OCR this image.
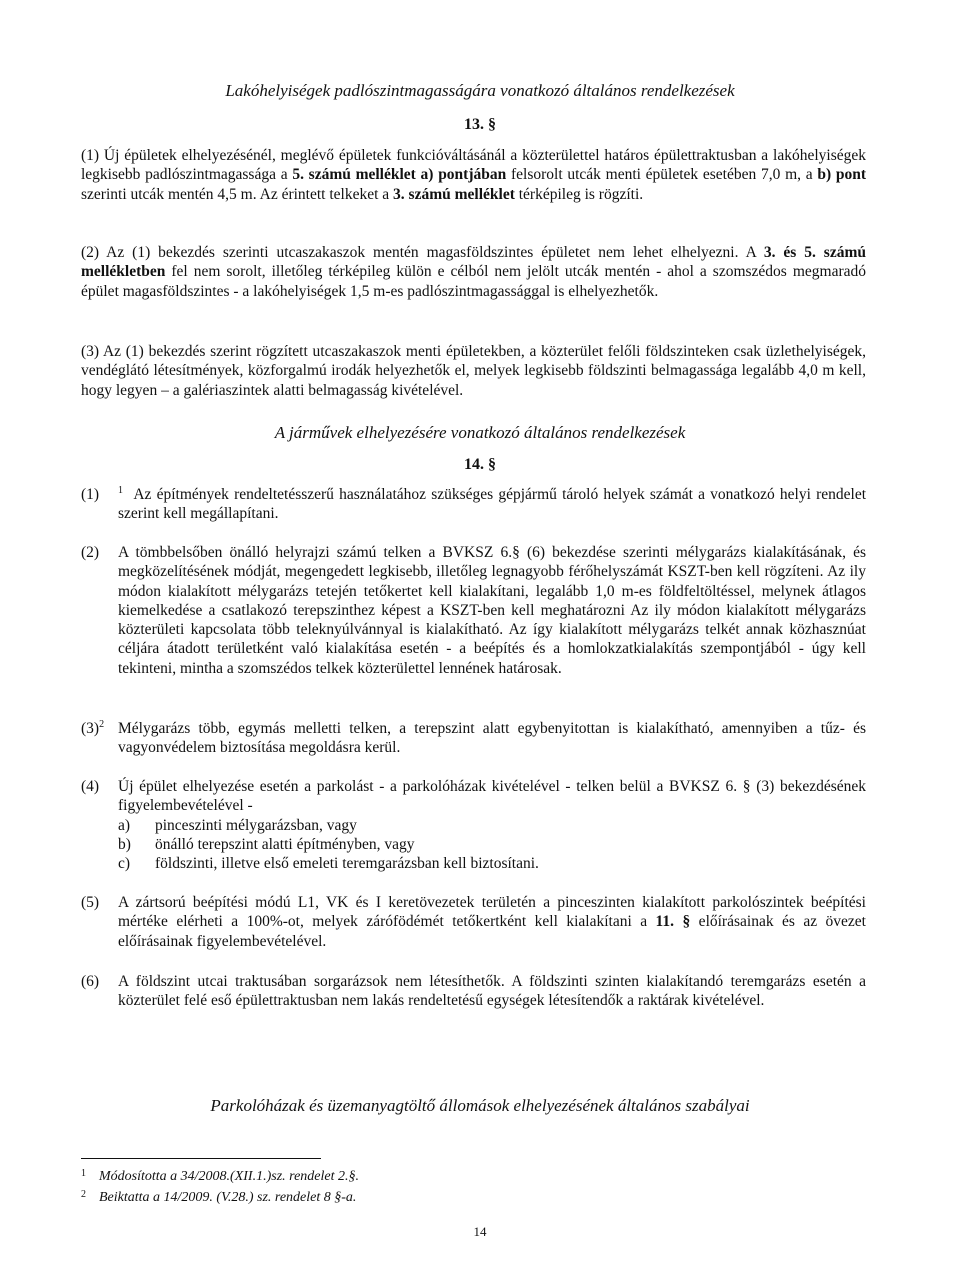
Lakóhelyiségek padlószintmagasságára vonatkozó általános rendelkezések
13. §
(1) Új épületek elhelyezésénél, meglévő épületek funkcióváltásánál a közterülettel határos épülettraktusban a lakóhelyiségek legkisebb padlószintmagassága a 5. számú melléklet a) pontjában felsorolt utcák menti épületek esetében 7,0 m, a b) pont szerinti utcák mentén 4,5 m. Az érintett telkeket a 3. számú melléklet térképileg is rögzíti.
(2) Az (1) bekezdés szerinti utcaszakaszok mentén magasföldszintes épületet nem lehet elhelyezni. A 3. és 5. számú mellékletben fel nem sorolt, illetőleg térképileg külön e célból nem jelölt utcák mentén - ahol a szomszédos megmaradó épület magasföldszintes - a lakóhelyiségek 1,5 m-es padlószintmagassággal is elhelyezhetők.
(3) Az (1) bekezdés szerint rögzített utcaszakaszok menti épületekben, a közterület felőli földszinteken csak üzlethelyiségek, vendéglátó létesítmények, közforgalmú irodák helyezhetők el, melyek legkisebb földszinti belmagassága legalább 4,0 m kell, hogy legyen – a galériaszintek alatti belmagasság kivételével.
A járművek elhelyezésére vonatkozó általános rendelkezések
14. §
(1) $^1$ Az építmények rendeltetésszerű használatához szükséges gépjármű tároló helyek számát a vonatkozó helyi rendelet szerint kell megállapítani.
(2) A tömbbelsőben önálló helyrajzi számú telken a BVKSZ 6.§ (6) bekezdése szerinti mélygarázs kialakításának, és megközelítésének módját, megengedett legkisebb, illetőleg legnagyobb férőhelyszámát KSZT-ben kell rögzíteni. Az ily módon kialakított mélygarázs tetején tetőkertet kell kialakítani, legalább 1,0 m-es földfeltöltéssel, melynek átlagos kiemelkedése a csatlakozó terepszinthez képest a KSZT-ben kell meghatározni Az ily módon kialakított mélygarázs közterületi kapcsolata több teleknyúlvánnyal is kialakítható. Az így kialakított mélygarázs telkét annak közhasznúat céljára átadott területként való kialakítása esetén - a beépítés és a homlokzatkialakítás szempontjából - úgy kell tekinteni, mintha a szomszédos telkek közterülettel lennének határosak.
$(3)^2$ Mélygarázs több, egymás melletti telken, a terepszint alatt egybenyitottan is kialakítható, amennyiben a tűz- és vagyonvédelem biztosítása megoldásra kerül.
(4) Új épület elhelyezése esetén a parkolást - a parkolóházak kivételével - telken belül a BVKSZ 6. § (3) bekezdésének figyelembevételével -
a) pinceszinti mélygarázsban, vagy
b) önálló terepszint alatti építményben, vagy
c) földszinti, illetve első emeleti teremgarázsban kell biztosítani.
(5) A zártsorú beépítési módú L1, VK és I keretövezetek területén a pinceszinten kialakított parkolószintek beépítési mértéke elérheti a 100%-ot, melyek zárófödémét tetőkertként kell kialakítani a 11. § előírásainak és az övezet előírásainak figyelembevételével.
(6) A földszint utcai traktusában sorgarázsok nem létesíthetők. A földszinti szinten kialakítandó teremgarázs esetén a közterület felé eső épülettraktusban nem lakás rendeltetésű egységek létesítendők a raktárak kivételével.
Parkolóházak és üzemanyagtöltő állomások elhelyezésének általános szabályai
1 Módosította a 34/2008.(XII.1.)sz. rendelet 2.§.
2 Beiktatta a 14/2009. (V.28.) sz. rendelet 8 §-a.
14
